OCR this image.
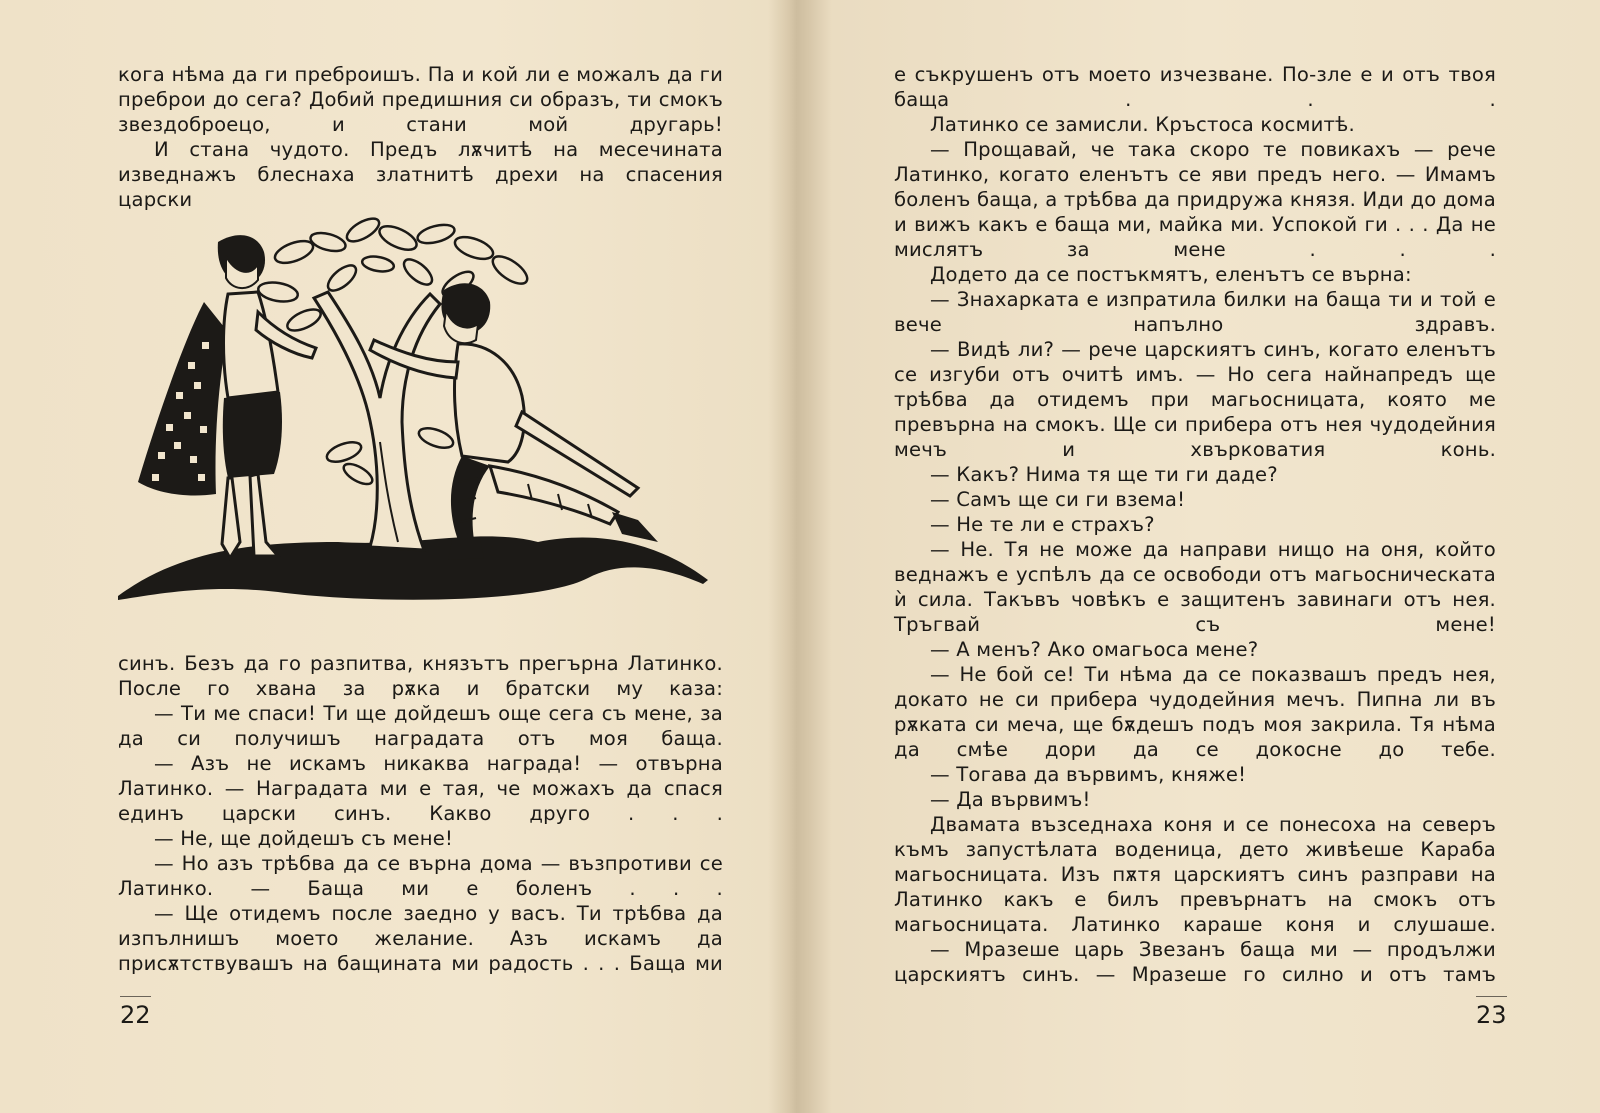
кога нѣма да ги преброишъ. Па и кой ли е можалъ да ги преброи до сега? Добий предишния си образъ, ти смокъ звездоброецо, и стани мой другарь!

И стана чудото. Предъ лѫчитѣ на месечината изведнажъ блеснаха златнитѣ дрехи на спасения царски

синъ. Безъ да го разпитва, князътъ прегърна Латинко. После го хвана за рѫка и братски му каза:

— Ти ме спаси! Ти ще дойдешъ още сега съ мене, за да си получишъ наградата отъ моя баща.

— Азъ не искамъ никаква награда! — отвърна Латинко. — Наградата ми е тая, че можахъ да спася единъ царски синъ. Какво друго . . .

— Не, ще дойдешъ съ мене!

— Но азъ трѣбва да се върна дома — възпротиви се Латинко. — Баща ми е боленъ . . .

— Ще отидемъ после заедно у васъ. Ти трѣбва да изпълнишъ моето желание. Азъ искамъ да присѫтствувашъ на бащината ми радость . . . Баща ми

22

е съкрушенъ отъ моето изчезване. По-зле е и отъ твоя баща . . .

Латинко се замисли. Кръстоса космитѣ.

— Прощавай, че така скоро те повикахъ — рече Латинко, когато еленътъ се яви предъ него. — Имамъ боленъ баща, а трѣбва да придружа князя. Иди до дома и вижъ какъ е баща ми, майка ми. Успокой ги . . . Да не мислятъ за мене . . .

Додето да се постъкмятъ, еленътъ се върна:

— Знахарката е изпратила билки на баща ти и той е вече напълно здравъ.

— Видѣ ли? — рече царскиятъ синъ, когато еленътъ се изгуби отъ очитѣ имъ. — Но сега найнапредъ ще трѣбва да отидемъ при магьосницата, която ме превърна на смокъ. Ще си прибера отъ нея чудодейния мечъ и хвърковатия конь.

— Какъ? Нима тя ще ти ги даде?

— Самъ ще си ги взема!

— Не те ли е страхъ?

— Не. Тя не може да направи нищо на оня, който веднажъ е успѣлъ да се освободи отъ магьосническата ѝ сила. Такъвъ човѣкъ е защитенъ завинаги отъ нея. Тръгвай съ мене!

— А менъ? Ако омагьоса мене?

— Не бой се! Ти нѣма да се показвашъ предъ нея, докато не си прибера чудодейния мечъ. Пипна ли въ рѫката си меча, ще бѫдешъ подъ моя закрила. Тя нѣма да смѣе дори да се докосне до тебе.

— Тогава да вървимъ, княже!

— Да вървимъ!

Двамата възседнаха коня и се понесоха на северъ къмъ запустѣлата воденица, дето живѣеше Караба магьосницата. Изъ пѫтя царскиятъ синъ разправи на Латинко какъ е билъ превърнатъ на смокъ отъ магьосницата. Латинко караше коня и слушаше.

— Мразеше царь Звезанъ баща ми — продължи царскиятъ синъ. — Мразеше го силно и отъ тамъ

23
